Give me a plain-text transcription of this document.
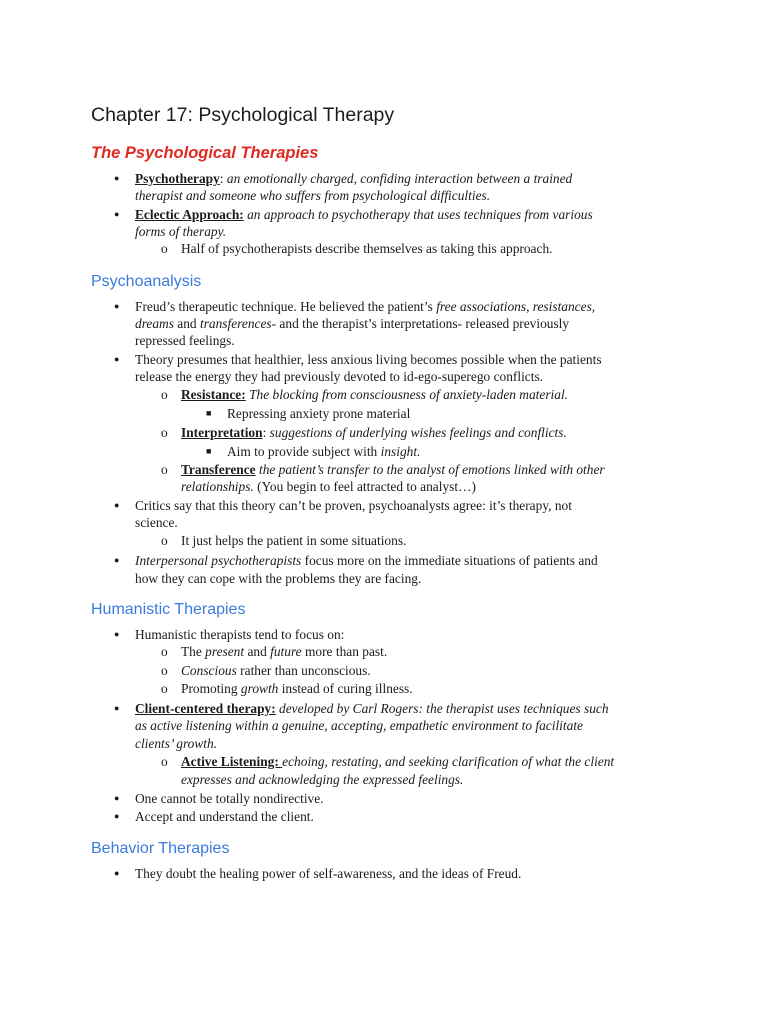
Chapter 17: Psychological Therapy
The Psychological Therapies
● Psychotherapy: an emotionally charged, confiding interaction between a trained

therapist and someone who suffers from psychological difficulties.

● Eclectic Approach: an approach to psychotherapy that uses techniques from various

forms of therapy.

o Half of psychotherapists describe themselves as taking this approach.

Psychoanalysis
● Freud’s therapeutic technique. He believed the patient’s free associations, resistances,

dreams and transferences- and the therapist’s interpretations- released previously

repressed feelings.

● Theory presumes that healthier, less anxious living becomes possible when the patients

release the energy they had previously devoted to id-ego-superego conflicts.

o Resistance: The blocking from consciousness of anxiety-laden material.

■ Repressing anxiety prone material

o Interpretation: suggestions of underlying wishes feelings and conflicts.

■ Aim to provide subject with insight.

o Transference the patient’s transfer to the analyst of emotions linked with other

relationships. (You begin to feel attracted to analyst…)

● Critics say that this theory can’t be proven, psychoanalysts agree: it’s therapy, not

science.

o It just helps the patient in some situations.

● Interpersonal psychotherapists focus more on the immediate situations of patients and

how they can cope with the problems they are facing.

Humanistic Therapies
● Humanistic therapists tend to focus on:

o The present and future more than past.

o Conscious rather than unconscious.

o Promoting growth instead of curing illness.

● Client-centered therapy: developed by Carl Rogers: the therapist uses techniques such

as active listening within a genuine, accepting, empathetic environment to facilitate

clients’ growth.

o Active Listening: echoing, restating, and seeking clarification of what the client

expresses and acknowledging the expressed feelings.

● One cannot be totally nondirective.

● Accept and understand the client.

Behavior Therapies
● They doubt the healing power of self-awareness, and the ideas of Freud.
